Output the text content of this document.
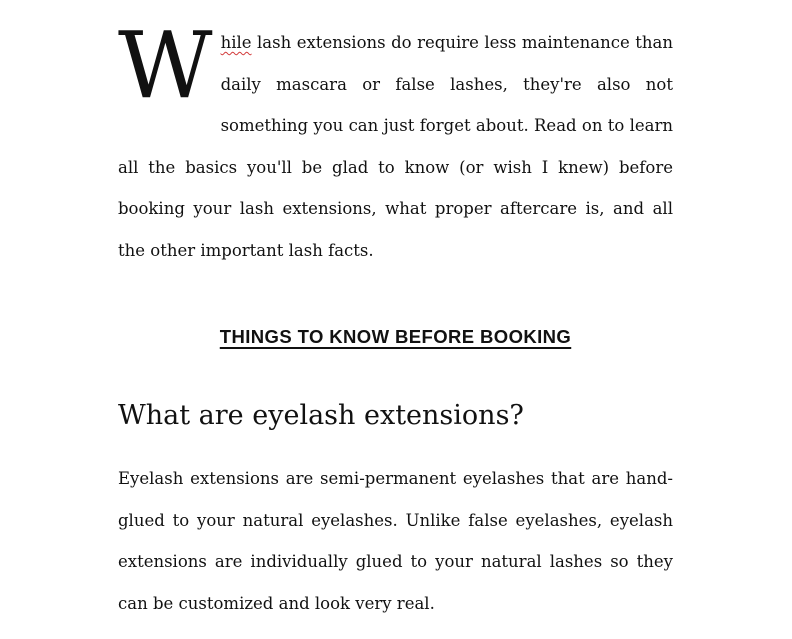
While lash extensions do require less maintenance than daily mascara or false lashes, they're also not something you can just forget about. Read on to learn all the basics you'll be glad to know (or wish I knew) before booking your lash extensions, what proper aftercare is, and all the other important lash facts.

THINGS TO KNOW BEFORE BOOKING
What are eyelash extensions?

Eyelash extensions are semi-permanent eyelashes that are hand-glued to your natural eyelashes. Unlike false eyelashes, eyelash extensions are individually glued to your natural lashes so they can be customized and look very real.
